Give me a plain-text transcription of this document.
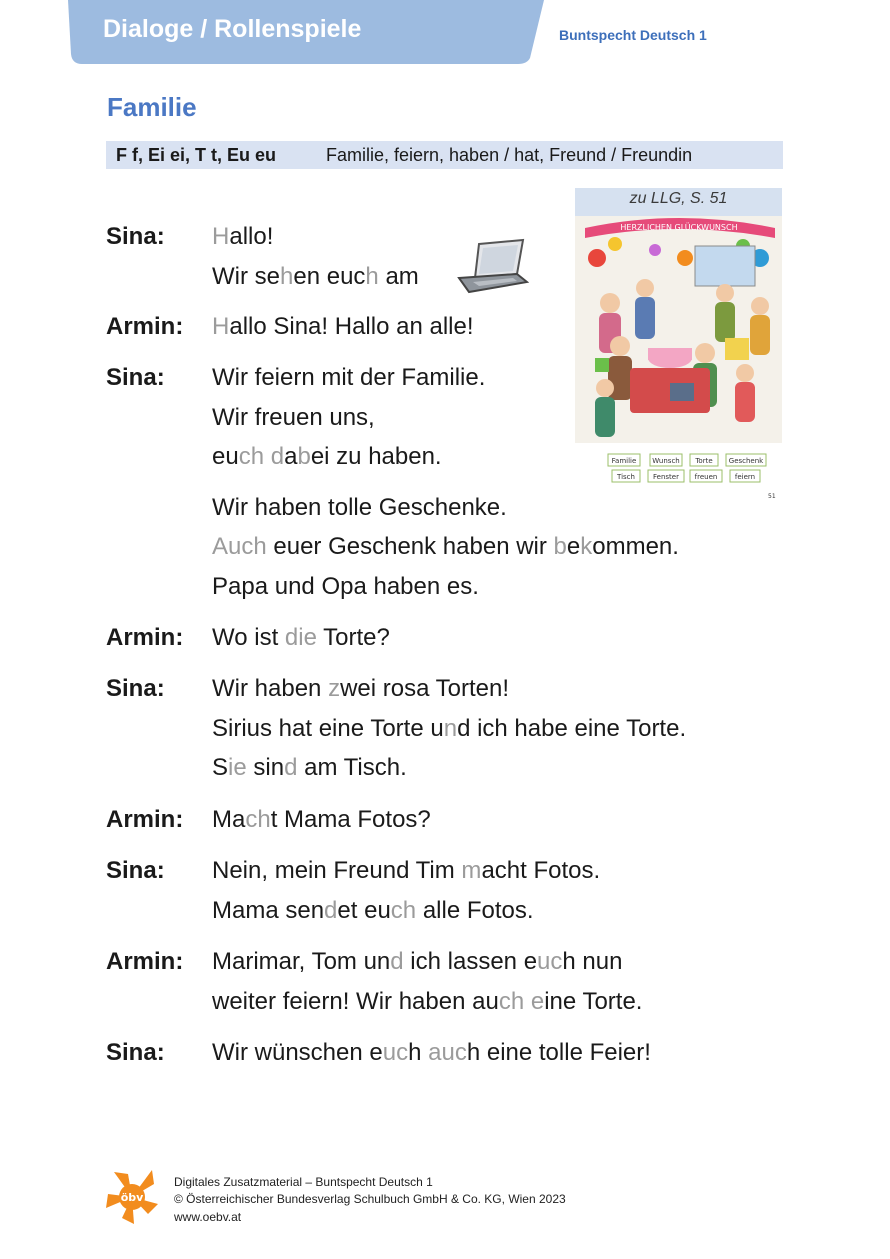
Dialoge / Rollenspiele	Buntspecht Deutsch 1
Familie
F f, Ei ei, T t, Eu eu	Familie, feiern, haben / hat, Freund / Freundin
HERZLICHEN GLÜCKWUNSCH
Familie Wunsch Torte Geschenk
Tisch	Fenster freuen	feiern
51
zu LLG, S. 51
Sina: Hallo!
Wir sehen euch am
Armin: Hallo Sina! Hallo an alle!
Sina: Wir feiern mit der Familie.
Wir freuen uns,
euch dabei zu haben.
Wir haben tolle Geschenke.
Auch euer Geschenk haben wir bekommen.
Papa und Opa haben es.
Armin: Wo ist die Torte?
Sina: Wir haben zwei rosa Torten!
Sirius hat eine Torte und ich habe eine Torte.
Sie sind am Tisch.
Armin: Macht Mama Fotos?
Sina: Nein, mein Freund Tim macht Fotos.
Mama sendet euch alle Fotos.
Armin: Marimar, Tom und ich lassen euch nun
weiter feiern! Wir haben auch eine Torte.
Sina: Wir wünschen euch auch eine tolle Feier!
öbv
Digitales Zusatzmaterial – Buntspecht Deutsch 1
© Österreichischer Bundesverlag Schulbuch GmbH & Co. KG, Wien 2023
www.oebv.at
